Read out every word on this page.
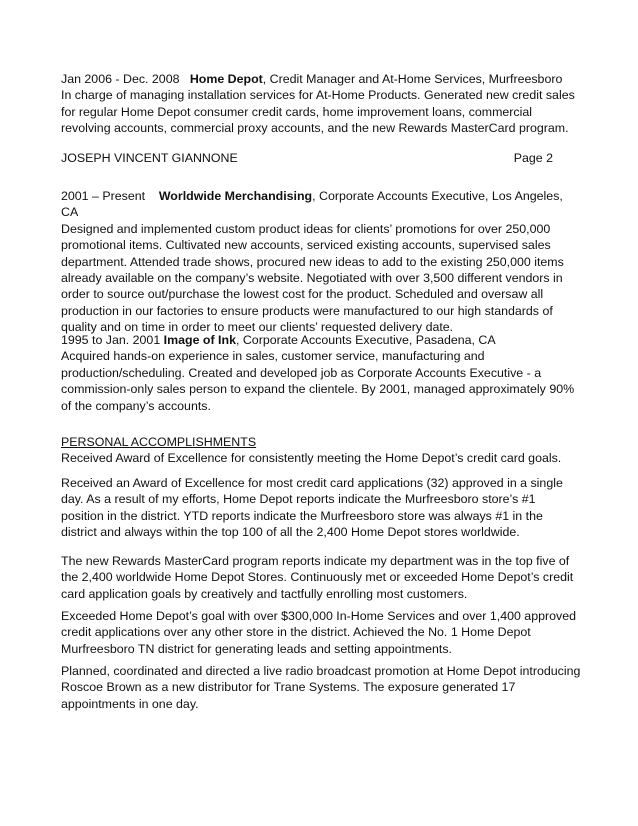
Jan 2006 - Dec. 2008 Home Depot, Credit Manager and At-Home Services, Murfreesboro

In charge of managing installation services for At-Home Products. Generated new credit sales for regular Home Depot consumer credit cards, home improvement loans, commercial revolving accounts, commercial proxy accounts, and the new Rewards MasterCard program.

JOSEPH VINCENT GIANNONE	Page 2

2001 – Present Worldwide Merchandising, Corporate Accounts Executive, Los Angeles, CA

Designed and implemented custom product ideas for clients’ promotions for over 250,000 promotional items. Cultivated new accounts, serviced existing accounts, supervised sales department. Attended trade shows, procured new ideas to add to the existing 250,000 items already available on the company’s website. Negotiated with over 3,500 different vendors in order to source out/purchase the lowest cost for the product. Scheduled and oversaw all production in our factories to ensure products were manufactured to our high standards of quality and on time in order to meet our clients’ requested delivery date.

1995 to Jan. 2001 Image of Ink, Corporate Accounts Executive, Pasadena, CA

Acquired hands-on experience in sales, customer service, manufacturing and production/scheduling. Created and developed job as Corporate Accounts Executive - a commission-only sales person to expand the clientele. By 2001, managed approximately 90% of the company’s accounts.

PERSONAL ACCOMPLISHMENTS

Received Award of Excellence for consistently meeting the Home Depot’s credit card goals.

Received an Award of Excellence for most credit card applications (32) approved in a single day. As a result of my efforts, Home Depot reports indicate the Murfreesboro store’s #1 position in the district. YTD reports indicate the Murfreesboro store was always #1 in the district and always within the top 100 of all the 2,400 Home Depot stores worldwide.
The new Rewards MasterCard program reports indicate my department was in the top five of the 2,400 worldwide Home Depot Stores. Continuously met or exceeded Home Depot’s credit card application goals by creatively and tactfully enrolling most customers.
Exceeded Home Depot’s goal with over $300,000 In-Home Services and over 1,400 approved credit applications over any other store in the district. Achieved the No. 1 Home Depot Murfreesboro TN district for generating leads and setting appointments.
Planned, coordinated and directed a live radio broadcast promotion at Home Depot introducing Roscoe Brown as a new distributor for Trane Systems. The exposure generated 17 appointments in one day.
